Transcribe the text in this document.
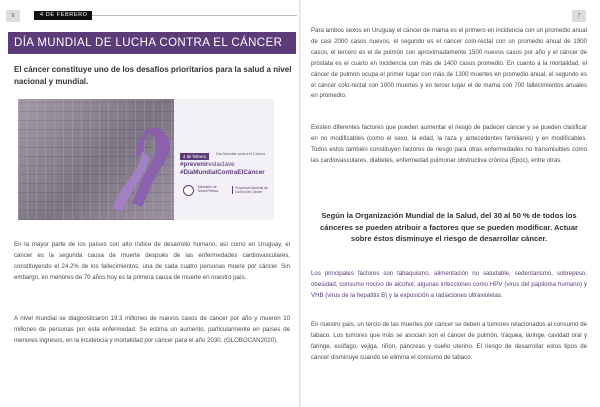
6	4 DE FEBRERO	7
DÍA MUNDIAL DE LUCHA CONTRA EL CÁNCER
El cáncer constituye uno de los desafíos prioritarios para la salud a nivel nacional y mundial.
4 de febrero	Día Mundial contra el Cáncer
#prevenireslaclave
#DíaMundialContraElCáncer
Ministerio de Salud Pública
Programa Nacional de Control del Cáncer

En la mayor parte de los países con alto índice de desarrollo humano, así como en Uruguay, el cáncer es la segunda causa de muerte después de las enfermedades cardiovasculares, constituyendo el 24.2% de los fallecimientos; una de cada cuatro personas muere por cáncer. Sin embargo, en menores de 70 años hoy es la primera causa de muerte en nuestro país.

A nivel mundial se diagnosticaron 19.3 millones de nuevos casos de cáncer por año y mueren 10 millones de personas por esta enfermedad. Se estima un aumento, particularmente en países de menores ingresos, en la incidencia y mortalidad por cáncer para el año 2030. (GLOBOCAN2020).

Para ambos sexos en Uruguay el cáncer de mama es el primero en incidencia con un promedio anual de casi 2000 casos nuevos, el segundo es el cáncer colo-rectal con un promedio anual de 1900 casos, el tercero es el de pulmón con aproximadamente 1500 nuevos casos por año y el cáncer de próstata es el cuarto en incidencia con más de 1400 casos promedio. En cuanto a la mortalidad, el cáncer de pulmón ocupa el primer lugar con más de 1300 muertes en promedio anual, el segundo es el cáncer colo-rectal con 1000 muertes y en tercer lugar el de mama con 700 fallecimientos anuales en promedio.

Existen diferentes factores que pueden aumentar el riesgo de padecer cáncer y se pueden clasificar en no modificables (como el sexo, la edad, la raza y antecedentes familiares) y en modificables. Todos estos también constituyen factores de riesgo para otras enfermedades no transmisibles como las cardiovasculares, diabetes, enfermedad pulmonar obstructiva crónica (Epoc), entre otras.

Según la Organización Mundial de la Salud, del 30 al 50 % de todos los cánceres se pueden atribuir a factores que se pueden modificar. Actuar sobre éstos disminuye el riesgo de desarrollar cáncer.

Los principales factores son tabaquismo, alimentación no saludable, sedentarismo, sobrepeso, obesidad, consumo nocivo de alcohol, algunas infecciones como HPV (virus del papiloma humano) y VHB (virus de la hepatitis B) y la exposición a radiaciones ultravioletas.

En nuestro país, un tercio de las muertes por cáncer se deben a tumores relacionados al consumo de tabaco. Los tumores que más se asocian son el cáncer de pulmón, tráquea, laringe, cavidad oral y faringe, esófago, vejiga, riñón, páncreas y cuello uterino. El riesgo de desarrollar estos tipos de cáncer disminuye cuando se elimina el consumo de tabaco.
